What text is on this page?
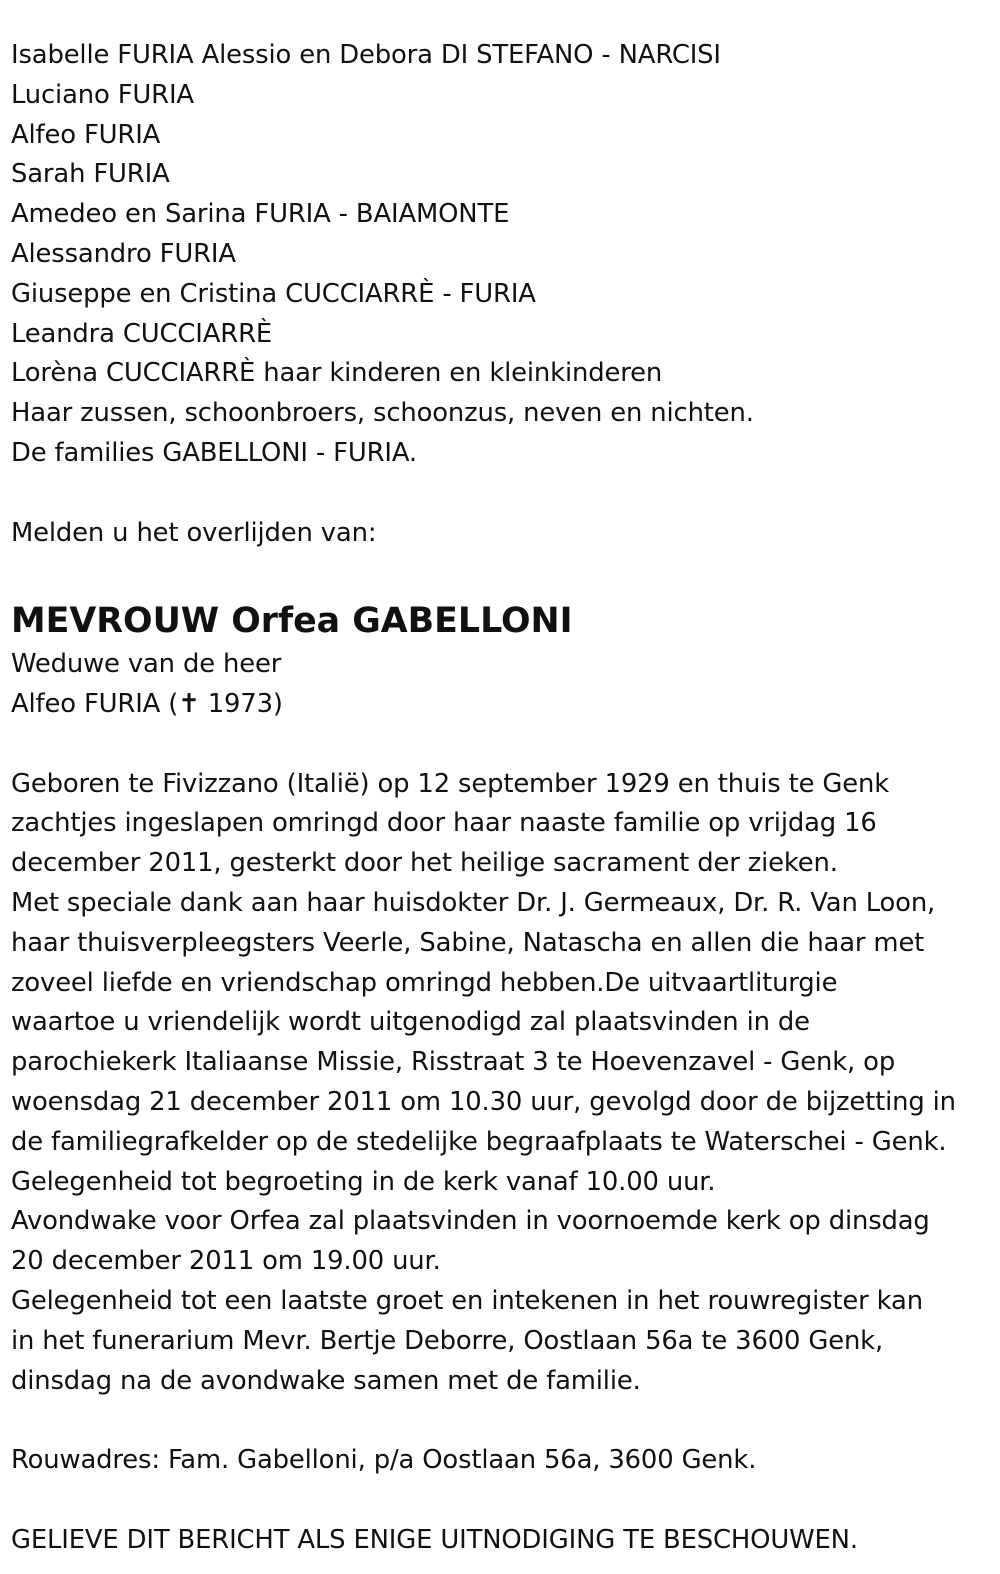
Isabelle FURIA Alessio en Debora DI STEFANO - NARCISI
Luciano FURIA
Alfeo FURIA
Sarah FURIA
Amedeo en Sarina FURIA - BAIAMONTE
Alessandro FURIA
Giuseppe en Cristina CUCCIARRÈ - FURIA
Leandra CUCCIARRÈ
Lorèna CUCCIARRÈ haar kinderen en kleinkinderen
Haar zussen, schoonbroers, schoonzus, neven en nichten.
De families GABELLONI - FURIA.
Melden u het overlijden van:
MEVROUW Orfea GABELLONI
Weduwe van de heer
Alfeo FURIA (✝ 1973)
Geboren te Fivizzano (Italië) op 12 september 1929 en thuis te Genk
zachtjes ingeslapen omringd door haar naaste familie op vrijdag 16
december 2011, gesterkt door het heilige sacrament der zieken.
Met speciale dank aan haar huisdokter Dr. J. Germeaux, Dr. R. Van Loon,
haar thuisverpleegsters Veerle, Sabine, Natascha en allen die haar met
zoveel liefde en vriendschap omringd hebben.De uitvaartliturgie
waartoe u vriendelijk wordt uitgenodigd zal plaatsvinden in de
parochiekerk Italiaanse Missie, Risstraat 3 te Hoevenzavel - Genk, op
woensdag 21 december 2011 om 10.30 uur, gevolgd door de bijzetting in
de familiegrafkelder op de stedelijke begraafplaats te Waterschei - Genk.
Gelegenheid tot begroeting in de kerk vanaf 10.00 uur.
Avondwake voor Orfea zal plaatsvinden in voornoemde kerk op dinsdag
20 december 2011 om 19.00 uur.
Gelegenheid tot een laatste groet en intekenen in het rouwregister kan
in het funerarium Mevr. Bertje Deborre, Oostlaan 56a te 3600 Genk,
dinsdag na de avondwake samen met de familie.
Rouwadres: Fam. Gabelloni, p/a Oostlaan 56a, 3600 Genk.
GELIEVE DIT BERICHT ALS ENIGE UITNODIGING TE BESCHOUWEN.
